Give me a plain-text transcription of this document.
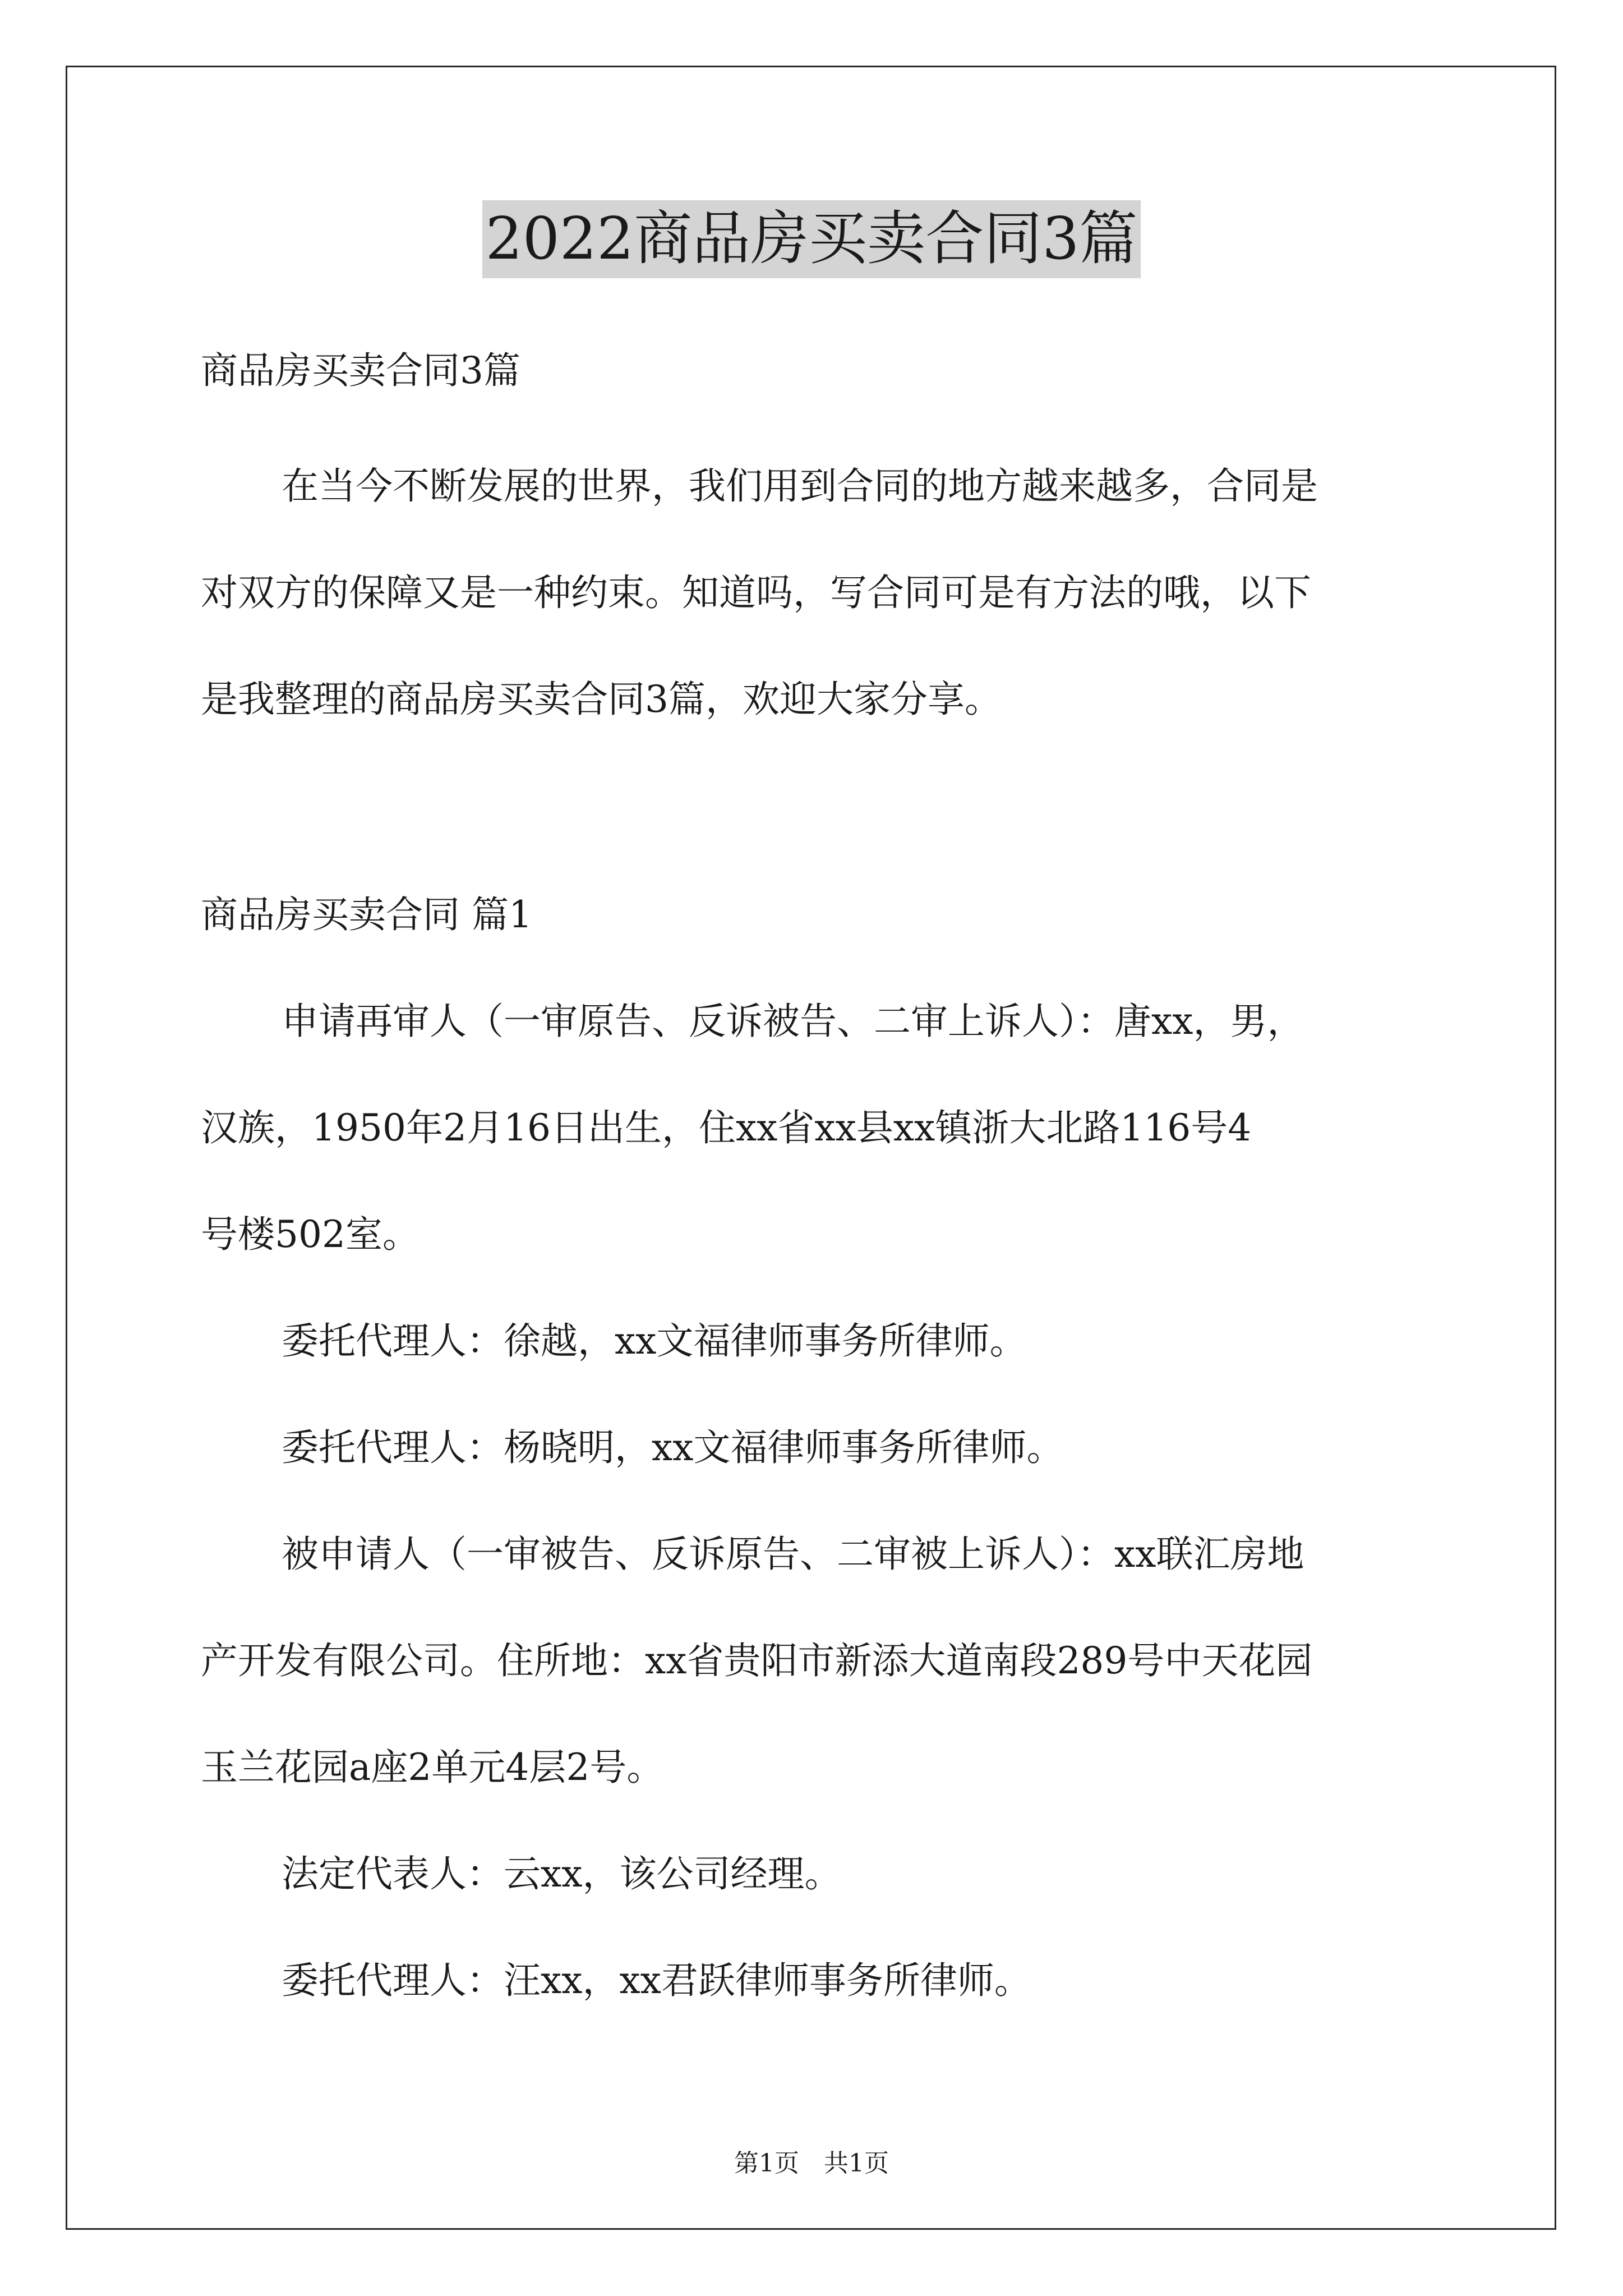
2022商品房买卖合同3篇

商品房买卖合同3篇

在当今不断发展的世界，我们用到合同的地方越来越多，合同是
对双方的保障又是一种约束。知道吗，写合同可是有方法的哦，以下
是我整理的商品房买卖合同3篇，欢迎大家分享。

商品房买卖合同 篇1

申请再审人（一审原告、反诉被告、二审上诉人）：唐xx，男，
汉族，1950年2月16日出生，住xx省xx县xx镇浙大北路116号4
号楼502室。

委托代理人：徐越，xx文福律师事务所律师。

委托代理人：杨晓明，xx文福律师事务所律师。

被申请人（一审被告、反诉原告、二审被上诉人）：xx联汇房地
产开发有限公司。住所地：xx省贵阳市新添大道南段289号中天花园
玉兰花园a座2单元4层2号。

法定代表人：云xx，该公司经理。

委托代理人：汪xx，xx君跃律师事务所律师。

第1页　共1页
